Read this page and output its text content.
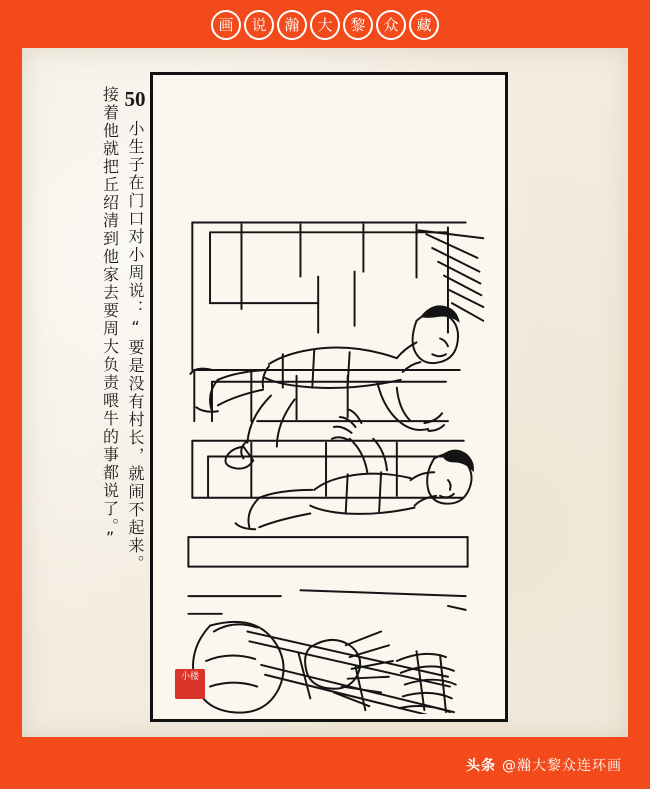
画	说	瀚	大	黎	众	藏
50小生子在门口对小周说：“要是没有村长，就闹不起来。
接着他就把丘绍清到他家去要周大负责喂牛的事都说了。”
小楼
头条 @瀚大黎众连环画
